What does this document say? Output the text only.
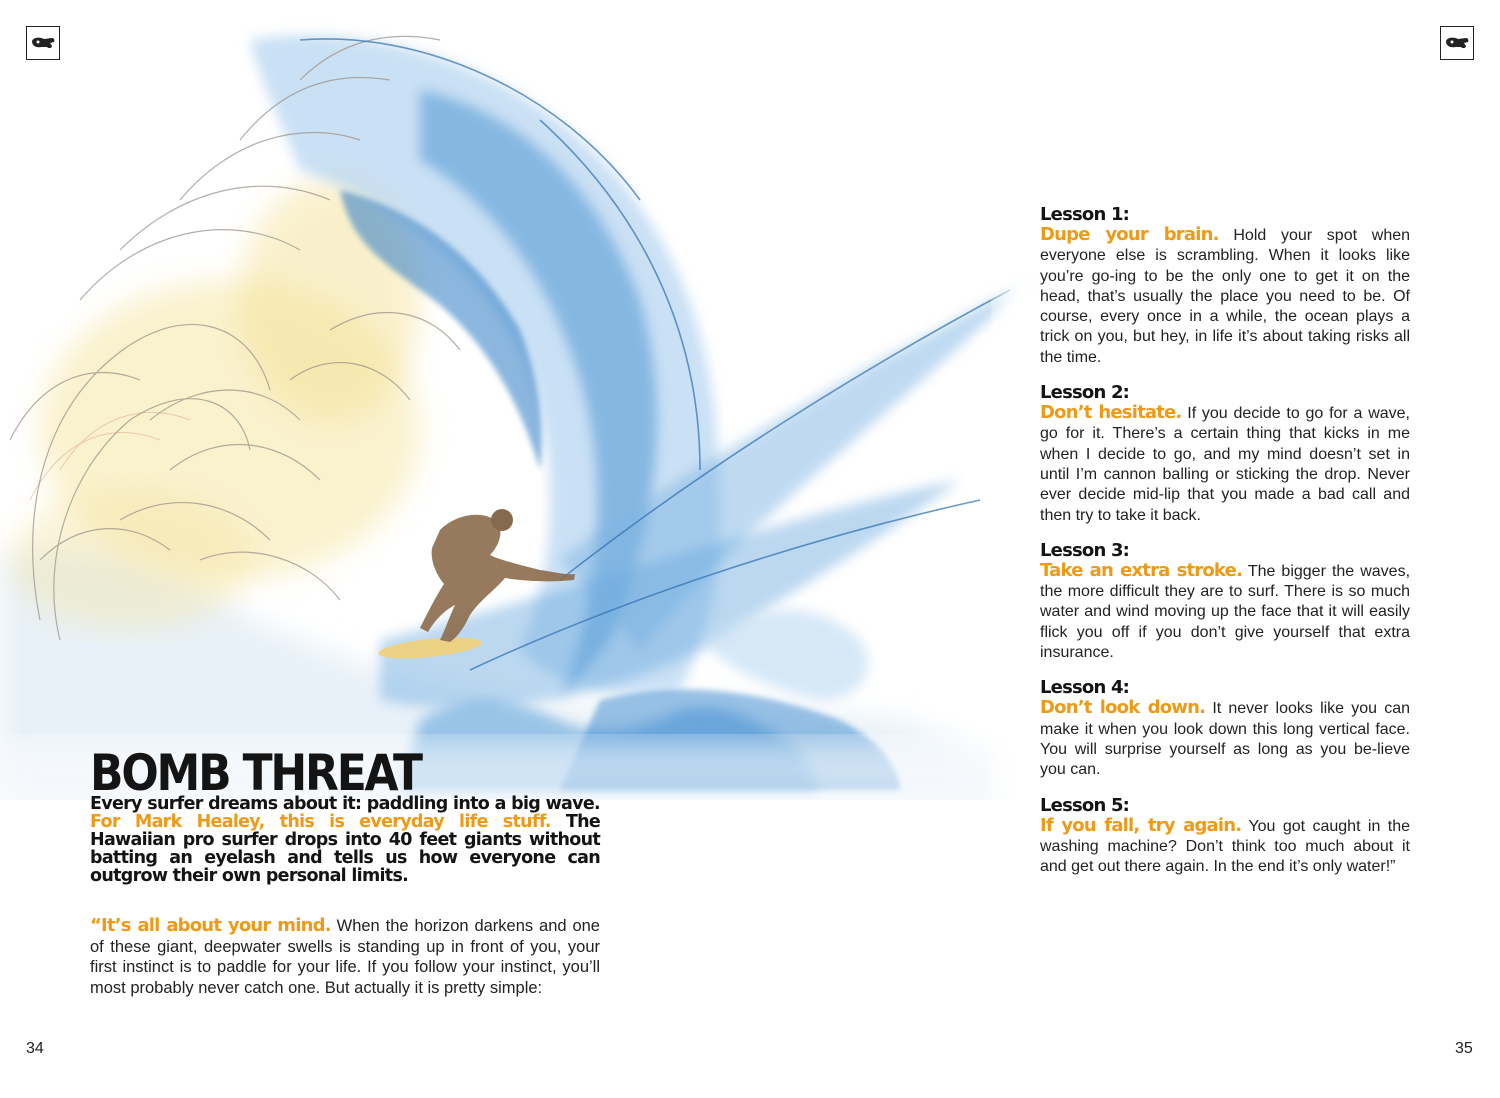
BOMB THREAT

Every surfer dreams about it: paddling into a big wave. For Mark Healey, this is everyday life stuff. The Hawaiian pro surfer drops into 40 feet giants without batting an eyelash and tells us how everyone can outgrow their own personal limits.

“It’s all about your mind. When the horizon darkens and one of these giant, deepwater swells is standing up in front of you, your first instinct is to paddle for your life. If you follow your instinct, you’ll most probably never catch one. But actually it is pretty simple:

Lesson 1:

Dupe your brain. Hold your spot when everyone else is scrambling. When it looks like you’re go-ing to be the only one to get it on the head, that’s usually the place you need to be. Of course, every once in a while, the ocean plays a trick on you, but hey, in life it’s about taking risks all the time.

Lesson 2:

Don’t hesitate. If you decide to go for a wave, go for it. There’s a certain thing that kicks in me when I decide to go, and my mind doesn’t set in until I’m cannon balling or sticking the drop. Never ever decide mid-lip that you made a bad call and then try to take it back.

Lesson 3:

Take an extra stroke. The bigger the waves, the more difficult they are to surf. There is so much water and wind moving up the face that it will easily flick you off if you don’t give yourself that extra insurance.

Lesson 4:

Don’t look down. It never looks like you can make it when you look down this long vertical face. You will surprise yourself as long as you be-lieve you can.

Lesson 5:

If you fall, try again. You got caught in the washing machine? Don’t think too much about it and get out there again. In the end it’s only water!”

34	35
